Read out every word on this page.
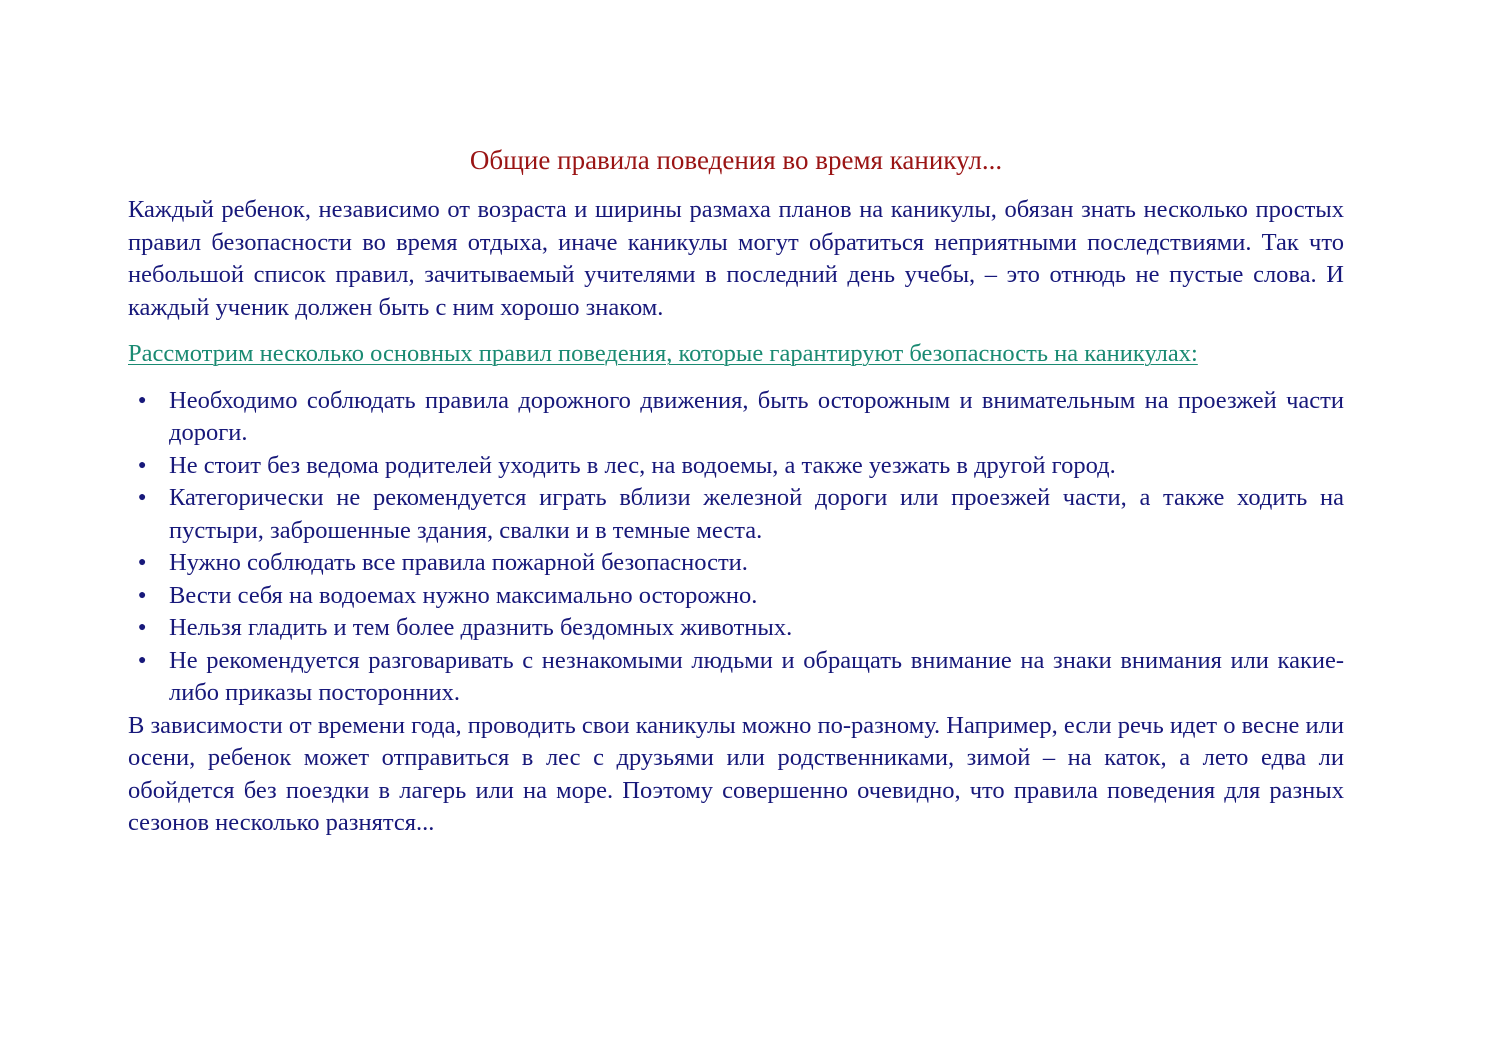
Общие правила поведения во время каникул...

Каждый ребенок, независимо от возраста и ширины размаха планов на каникулы, обязан знать несколько простых правил безопасности во время отдыха, иначе каникулы могут обратиться неприятными последствиями. Так что небольшой список правил, зачитываемый учителями в последний день учебы, – это отнюдь не пустые слова. И каждый ученик должен быть с ним хорошо знаком.

Рассмотрим несколько основных правил поведения, которые гарантируют безопасность на каникулах:

● Необходимо соблюдать правила дорожного движения, быть осторожным и внимательным на проезжей части дороги.
● Не стоит без ведома родителей уходить в лес, на водоемы, а также уезжать в другой город.
● Категорически не рекомендуется играть вблизи железной дороги или проезжей части, а также ходить на пустыри, заброшенные здания, свалки и в темные места.
● Нужно соблюдать все правила пожарной безопасности.
● Вести себя на водоемах нужно максимально осторожно.
● Нельзя гладить и тем более дразнить бездомных животных.
● Не рекомендуется разговаривать с незнакомыми людьми и обращать внимание на знаки внимания или какие-либо приказы посторонних.

В зависимости от времени года, проводить свои каникулы можно по-разному. Например, если речь идет о весне или осени, ребенок может отправиться в лес с друзьями или родственниками, зимой – на каток, а лето едва ли обойдется без поездки в лагерь или на море. Поэтому совершенно очевидно, что правила поведения для разных сезонов несколько разнятся...
